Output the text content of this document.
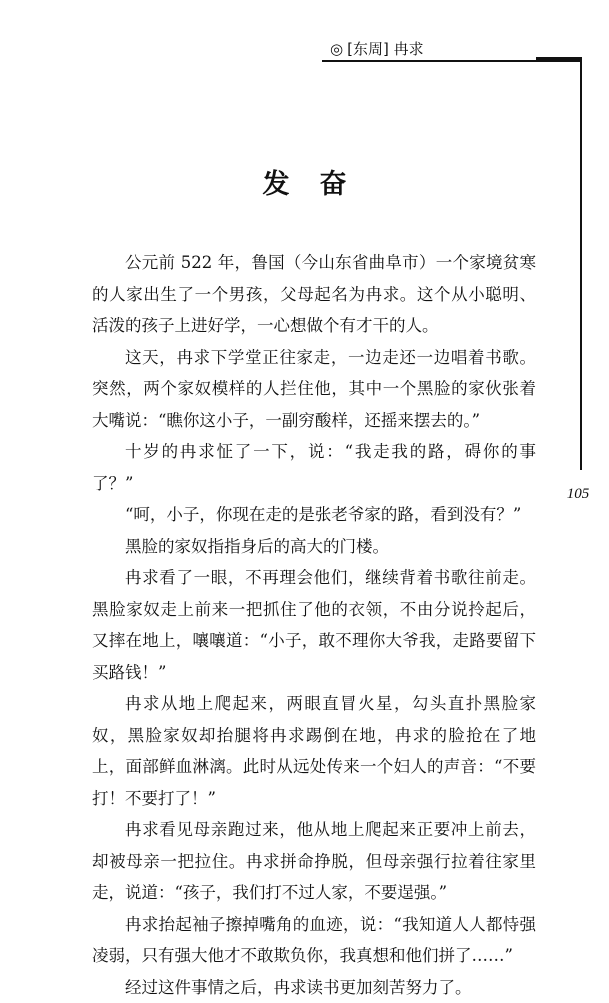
◎ [东周] 冉求
105
发奋

公元前 522 年，鲁国（今山东省曲阜市）一个家境贫寒的人家出生了一个男孩，父母起名为冉求。这个从小聪明、活泼的孩子上进好学，一心想做个有才干的人。

这天，冉求下学堂正往家走，一边走还一边唱着书歌。突然，两个家奴模样的人拦住他，其中一个黑脸的家伙张着大嘴说：“瞧你这小子，一副穷酸样，还摇来摆去的。”

十岁的冉求怔了一下，说：“我走我的路，碍你的事了？”

“呵，小子，你现在走的是张老爷家的路，看到没有？”

黑脸的家奴指指身后的高大的门楼。

冉求看了一眼，不再理会他们，继续背着书歌往前走。黑脸家奴走上前来一把抓住了他的衣领，不由分说拎起后，又摔在地上，嚷嚷道：“小子，敢不理你大爷我，走路要留下买路钱！”

冉求从地上爬起来，两眼直冒火星，勾头直扑黑脸家奴，黑脸家奴却抬腿将冉求踢倒在地，冉求的脸抢在了地上，面部鲜血淋漓。此时从远处传来一个妇人的声音：“不要打！不要打了！”

冉求看见母亲跑过来，他从地上爬起来正要冲上前去，却被母亲一把拉住。冉求拼命挣脱，但母亲强行拉着往家里走，说道：“孩子，我们打不过人家，不要逞强。”

冉求抬起袖子擦掉嘴角的血迹，说：“我知道人人都恃强凌弱，只有强大他才不敢欺负你，我真想和他们拼了……”

经过这件事情之后，冉求读书更加刻苦努力了。
